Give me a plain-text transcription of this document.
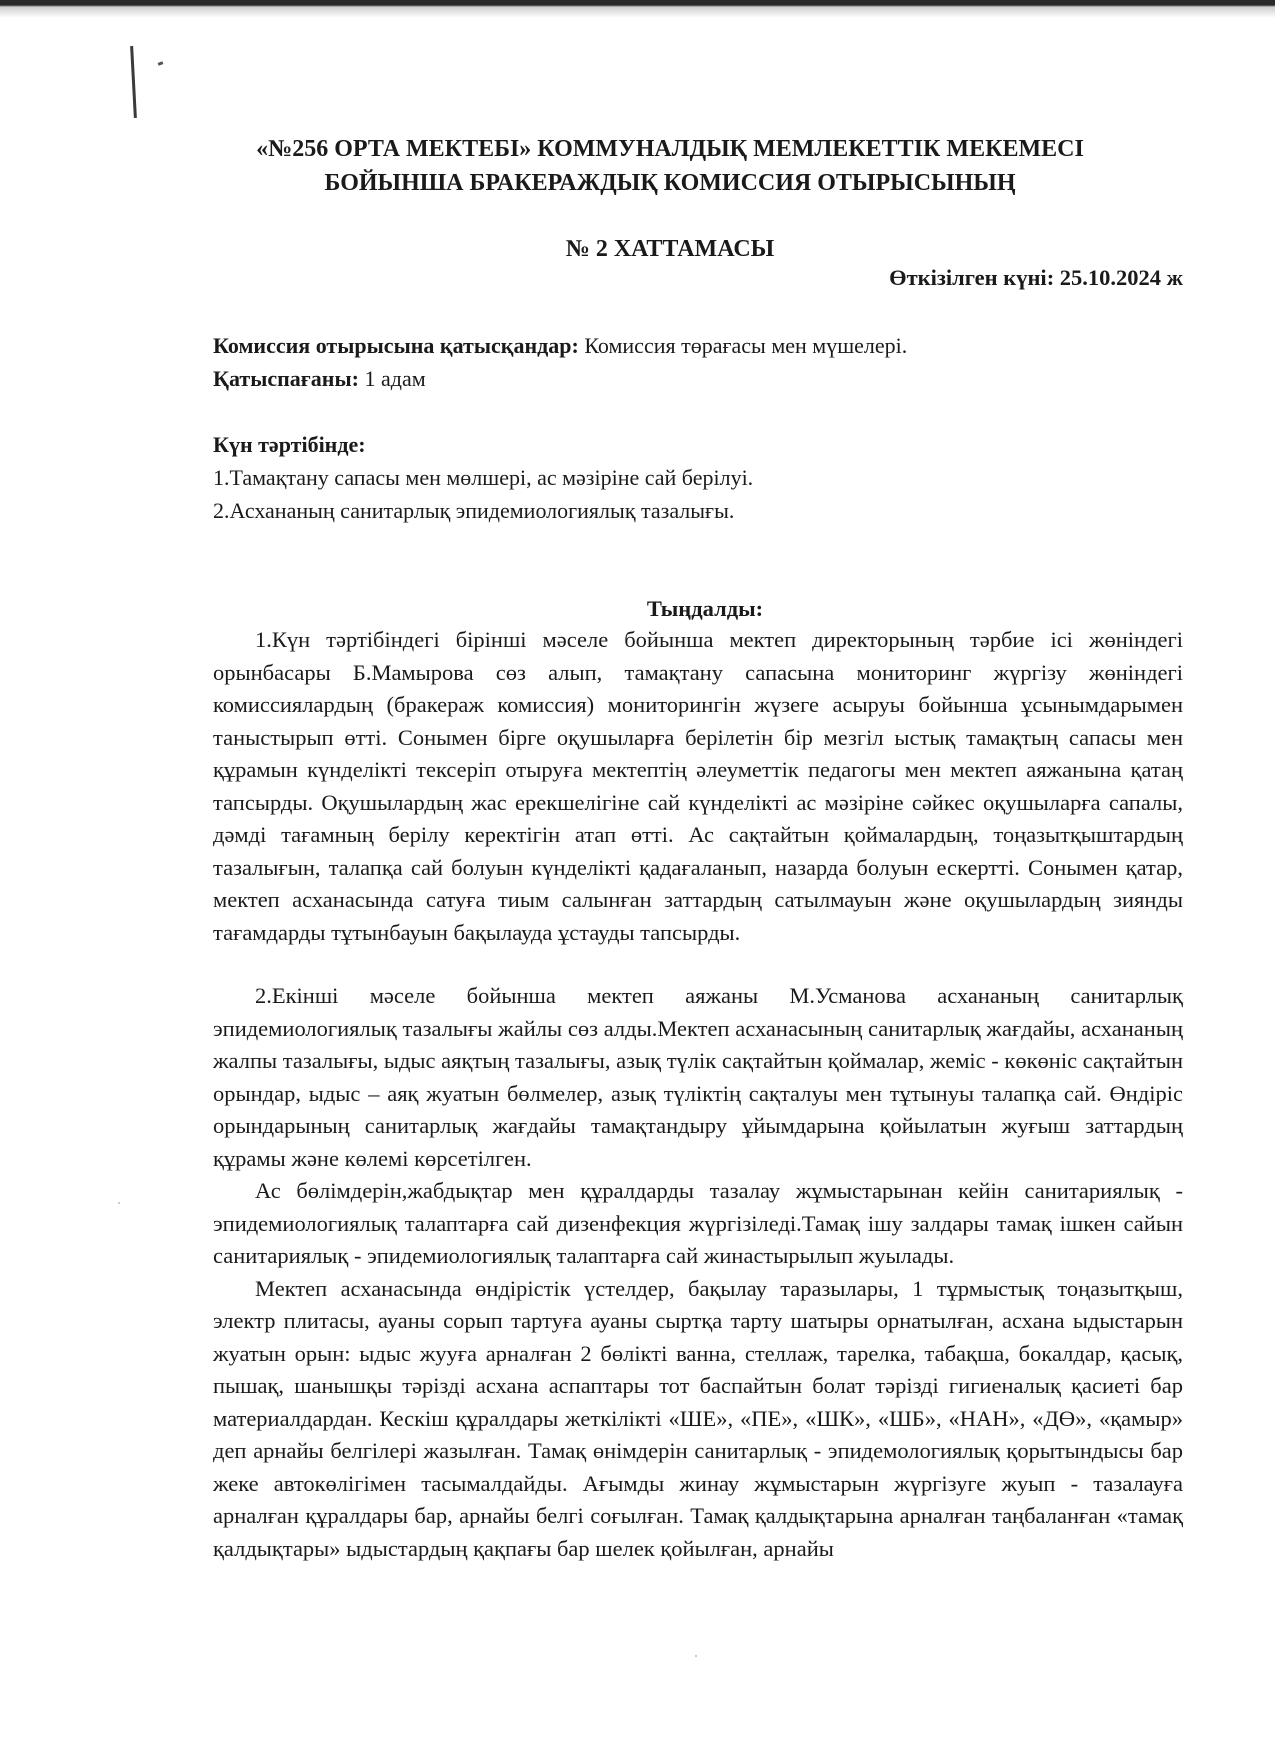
«№256 ОРТА МЕКТЕБІ» КОММУНАЛДЫҚ МЕМЛЕКЕТТІК МЕКЕМЕСІ
БОЙЫНША БРАКЕРАЖДЫҚ КОМИССИЯ ОТЫРЫСЫНЫҢ
№ 2 ХАТТАМАСЫ
Өткізілген күні: 25.10.2024 ж
Комиссия отырысына қатысқандар: Комиссия төрағасы мен мүшелері.
Қатыспағаны: 1 адам
Күн тәртібінде:
1.Тамақтану сапасы мен мөлшері, ас мәзіріне сай берілуі.
2.Асхананың санитарлық эпидемиологиялық тазалығы.
Тыңдалды:

1.Күн тәртібіндегі бірінші мәселе бойынша мектеп директорының тәрбие ісі жөніндегі орынбасары Б.Мамырова сөз алып, тамақтану сапасына мониторинг жүргізу жөніндегі комиссиялардың (бракераж комиссия) мониторингін жүзеге асыруы бойынша ұсынымдарымен таныстырып өтті. Сонымен бірге оқушыларға берілетін бір мезгіл ыстық тамақтың сапасы мен құрамын күнделікті тексеріп отыруға мектептің әлеуметтік педагогы мен мектеп аяжанына қатаң тапсырды. Оқушылардың жас ерекшелігіне сай күнделікті ас мәзіріне сәйкес оқушыларға сапалы, дәмді тағамның берілу керектігін атап өтті. Ас сақтайтын қоймалардың, тоңазытқыштардың тазалығын, талапқа сай болуын күнделікті қадағаланып, назарда болуын ескертті. Сонымен қатар, мектеп асханасында сатуға тиым салынған заттардың сатылмауын және оқушылардың зиянды тағамдарды тұтынбауын бақылауда ұстауды тапсырды.

2.Екінші мәселе бойынша мектеп аяжаны М.Усманова асхананың санитарлық эпидемиологиялық тазалығы жайлы сөз алды.Мектеп асханасының санитарлық жағдайы, асхананың жалпы тазалығы, ыдыс аяқтың тазалығы, азық түлік сақтайтын қоймалар, жеміс - көкөніс сақтайтын орындар, ыдыс – аяқ жуатын бөлмелер, азық түліктің сақталуы мен тұтынуы талапқа сай. Өндіріс орындарының санитарлық жағдайы тамақтандыру ұйымдарына қойылатын жуғыш заттардың құрамы және көлемі көрсетілген.

Ас бөлімдерін,жабдықтар мен құралдарды тазалау жұмыстарынан кейін санитариялық - эпидемиологиялық талаптарға сай дизенфекция жүргізіледі.Тамақ ішу залдары тамақ ішкен сайын санитариялық - эпидемиологиялық талаптарға сай жинастырылып жуылады.

Мектеп асханасында өндірістік үстелдер, бақылау таразылары, 1 тұрмыстық тоңазытқыш, электр плитасы, ауаны сорып тартуға ауаны сыртқа тарту шатыры орнатылған, асхана ыдыстарын жуатын орын: ыдыс жууға арналған 2 бөлікті ванна, стеллаж, тарелка, табақша, бокалдар, қасық, пышақ, шанышқы тәрізді асхана аспаптары тот баспайтын болат тәрізді гигиеналық қасиеті бар материалдардан. Кескіш құралдары жеткілікті «ШЕ», «ПЕ», «ШК», «ШБ», «НАН», «ДӨ», «қамыр» деп арнайы белгілері жазылған. Тамақ өнімдерін санитарлық - эпидемологиялық қорытындысы бар жеке автокөлігімен тасымалдайды. Ағымды жинау жұмыстарын жүргізуге жуып - тазалауға арналған құралдары бар, арнайы белгі соғылған. Тамақ қалдықтарына арналған таңбаланған «тамақ қалдықтары» ыдыстардың қақпағы бар шелек қойылған, арнайы
